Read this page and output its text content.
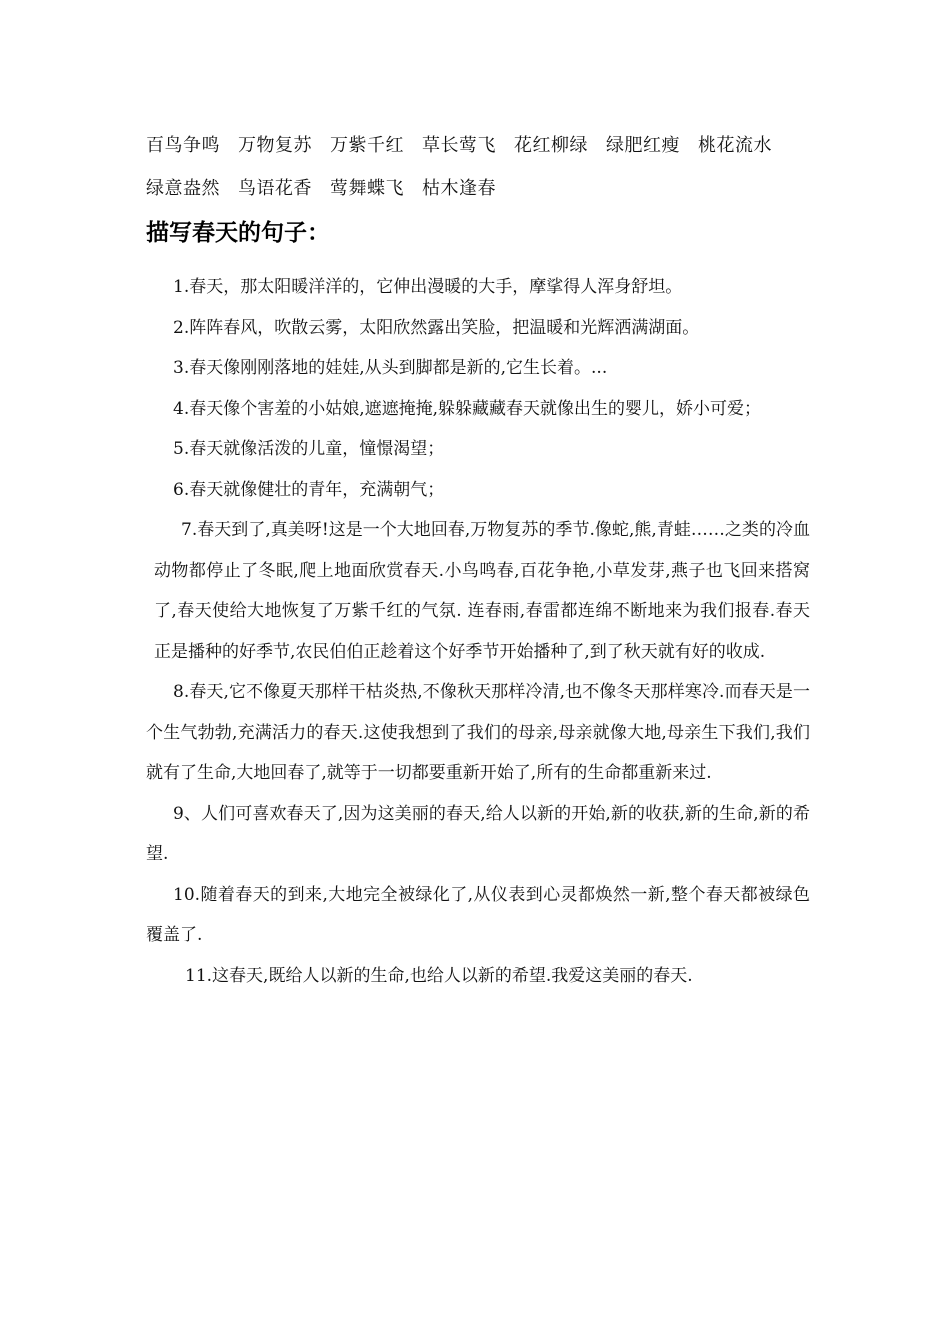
百鸟争鸣 万物复苏 万紫千红 草长莺飞 花红柳绿 绿肥红瘦 桃花流水
绿意盎然 鸟语花香 莺舞蝶飞 枯木逢春
描写春天的句子：

1.春天，那太阳暖洋洋的，它伸出漫暖的大手，摩挲得人浑身舒坦。

2.阵阵春风，吹散云雾，太阳欣然露出笑脸，把温暖和光辉洒满湖面。

3.春天像刚刚落地的娃娃,从头到脚都是新的,它生长着。...

4.春天像个害羞的小姑娘,遮遮掩掩,躲躲藏藏春天就像出生的婴儿，娇小可爱；

5.春天就像活泼的儿童，憧憬渴望；

6.春天就像健壮的青年，充满朝气；

7.春天到了,真美呀!这是一个大地回春,万物复苏的季节.像蛇,熊,青蛙……之类的冷血动物都停止了冬眠,爬上地面欣赏春天.小鸟鸣春,百花争艳,小草发芽,燕子也飞回来搭窝了,春天使给大地恢复了万紫千红的气氛. 连春雨,春雷都连绵不断地来为我们报春.春天正是播种的好季节,农民伯伯正趁着这个好季节开始播种了,到了秋天就有好的收成.

8.春天,它不像夏天那样干枯炎热,不像秋天那样冷清,也不像冬天那样寒冷.而春天是一个生气勃勃,充满活力的春天.这使我想到了我们的母亲,母亲就像大地,母亲生下我们,我们就有了生命,大地回春了,就等于一切都要重新开始了,所有的生命都重新来过.

9、人们可喜欢春天了,因为这美丽的春天,给人以新的开始,新的收获,新的生命,新的希望.

10.随着春天的到来,大地完全被绿化了,从仪表到心灵都焕然一新,整个春天都被绿色覆盖了.

11.这春天,既给人以新的生命,也给人以新的希望.我爱这美丽的春天.
